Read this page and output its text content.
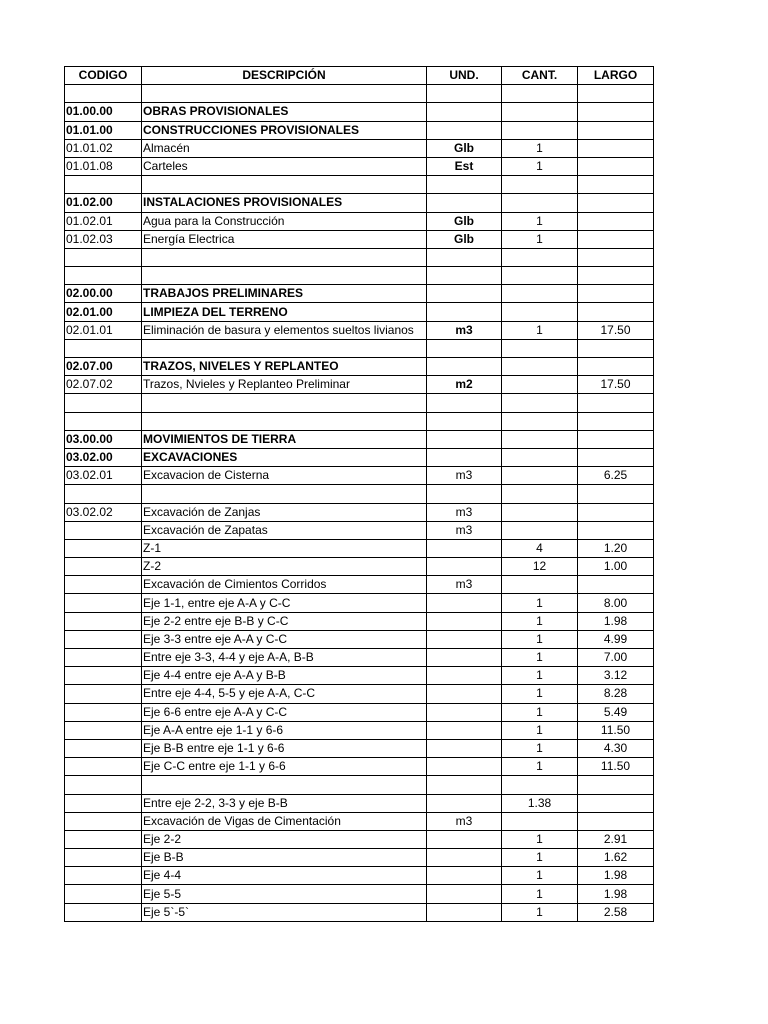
CODIGO	DESCRIPCIÓN	UND.	CANT.	LARGO

01.00.00	OBRAS PROVISIONALES			
01.01.00	CONSTRUCCIONES PROVISIONALES			
01.01.02	Almacén	Glb	1	
01.01.08	Carteles	Est	1	

01.02.00	INSTALACIONES PROVISIONALES			
01.02.01	Agua para la Construcción	Glb	1	
01.02.03	Energía Electrica	Glb	1	

02.00.00	TRABAJOS PRELIMINARES			
02.01.00	LIMPIEZA DEL TERRENO			
02.01.01	Eliminación de basura y elementos sueltos livianos	m3	1	17.50

02.07.00	TRAZOS, NIVELES Y REPLANTEO			
02.07.02	Trazos, Nvieles y Replanteo Preliminar	m2		17.50

03.00.00	MOVIMIENTOS DE TIERRA			
03.02.00	EXCAVACIONES			
03.02.01	Excavacion de Cisterna	m3		6.25

03.02.02	Excavación de Zanjas	m3		
	Excavación de Zapatas	m3		
	Z-1		4	1.20
	Z-2		12	1.00
	Excavación de Cimientos Corridos	m3		
	Eje 1-1, entre eje A-A y C-C		1	8.00
	Eje 2-2 entre eje B-B y C-C		1	1.98
	Eje 3-3 entre eje A-A y C-C		1	4.99
	Entre eje 3-3, 4-4 y eje A-A, B-B		1	7.00
	Eje 4-4 entre eje A-A y B-B		1	3.12
	Entre eje 4-4, 5-5 y eje A-A, C-C		1	8.28
	Eje 6-6 entre eje A-A y C-C		1	5.49
	Eje A-A entre eje 1-1 y 6-6		1	11.50
	Eje B-B entre eje 1-1 y 6-6		1	4.30
	Eje C-C entre eje 1-1 y 6-6		1	11.50

	Entre eje 2-2, 3-3 y eje B-B		1.38	
	Excavación de Vigas de Cimentación	m3		
	Eje 2-2		1	2.91
	Eje B-B		1	1.62
	Eje 4-4		1	1.98
	Eje 5-5		1	1.98
	Eje 5`-5`		1	2.58
